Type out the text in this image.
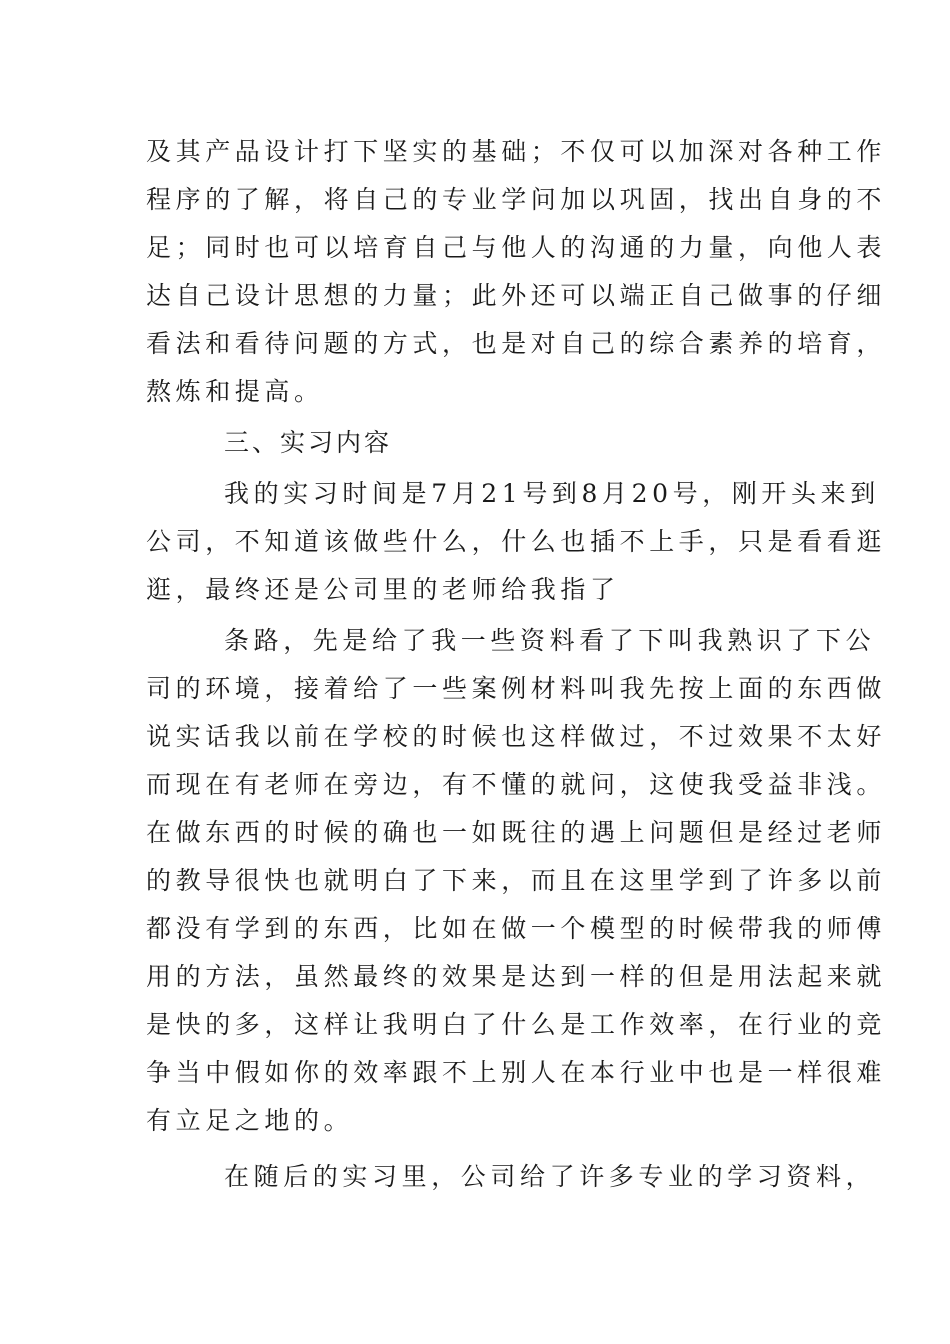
及其产品设计打下坚实的基础；不仅可以加深对各种工作
程序的了解，将自己的专业学问加以巩固，找出自身的不
足；同时也可以培育自己与他人的沟通的力量，向他人表
达自己设计思想的力量；此外还可以端正自己做事的仔细
看法和看待问题的方式，也是对自己的综合素养的培育，
熬炼和提高。
三、实习内容
我的实习时间是7月21号到8月20号，刚开头来到
公司，不知道该做些什么，什么也插不上手，只是看看逛
逛，最终还是公司里的老师给我指了
条路，先是给了我一些资料看了下叫我熟识了下公
司的环境，接着给了一些案例材料叫我先按上面的东西做
说实话我以前在学校的时候也这样做过，不过效果不太好
而现在有老师在旁边，有不懂的就问，这使我受益非浅。
在做东西的时候的确也一如既往的遇上问题但是经过老师
的教导很快也就明白了下来，而且在这里学到了许多以前
都没有学到的东西，比如在做一个模型的时候带我的师傅
用的方法，虽然最终的效果是达到一样的但是用法起来就
是快的多，这样让我明白了什么是工作效率，在行业的竞
争当中假如你的效率跟不上别人在本行业中也是一样很难
有立足之地的。
在随后的实习里，公司给了许多专业的学习资料，
